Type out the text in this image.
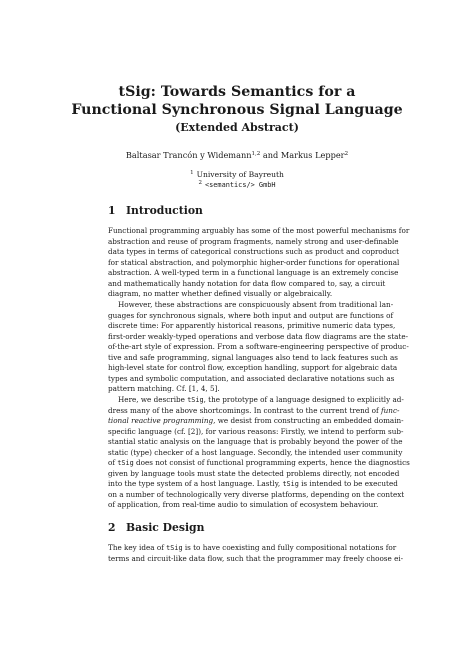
tSig: Towards Semantics for a
Functional Synchronous Signal Language
(Extended Abstract)
Baltasar Trancón y Widemann$^{1,2}$ and Markus Lepper$^2$
$^1$ University of Bayreuth
$^2$ <semantics/> GmbH
1 Introduction
Functional programming arguably has some of the most powerful mechanisms for
abstraction and reuse of program fragments, namely strong and user-definable
data types in terms of categorical constructions such as product and coproduct
for statical abstraction, and polymorphic higher-order functions for operational
abstraction. A well-typed term in a functional language is an extremely concise
and mathematically handy notation for data flow compared to, say, a circuit
diagram, no matter whether defined visually or algebraically.
However, these abstractions are conspicuously absent from traditional lan-
guages for synchronous signals, where both input and output are functions of
discrete time: For apparently historical reasons, primitive numeric data types,
first-order weakly-typed operations and verbose data flow diagrams are the state-
of-the-art style of expression. From a software-engineering perspective of produc-
tive and safe programming, signal languages also tend to lack features such as
high-level state for control flow, exception handling, support for algebraic data
types and symbolic computation, and associated declarative notations such as
pattern matching. Cf. [1, 4, 5].
Here, we describe tSig, the prototype of a language designed to explicitly ad-
dress many of the above shortcomings. In contrast to the current trend of func-
tional reactive programming, we desist from constructing an embedded domain-
specific language (cf. [2]), for various reasons: Firstly, we intend to perform sub-
stantial static analysis on the language that is probably beyond the power of the
static (type) checker of a host language. Secondly, the intended user community
of tSig does not consist of functional programming experts, hence the diagnostics
given by language tools must state the detected problems directly, not encoded
into the type system of a host language. Lastly, tSig is intended to be executed
on a number of technologically very diverse platforms, depending on the context
of application, from real-time audio to simulation of ecosystem behaviour.
2 Basic Design
The key idea of tSig is to have coexisting and fully compositional notations for
terms and circuit-like data flow, such that the programmer may freely choose ei-
